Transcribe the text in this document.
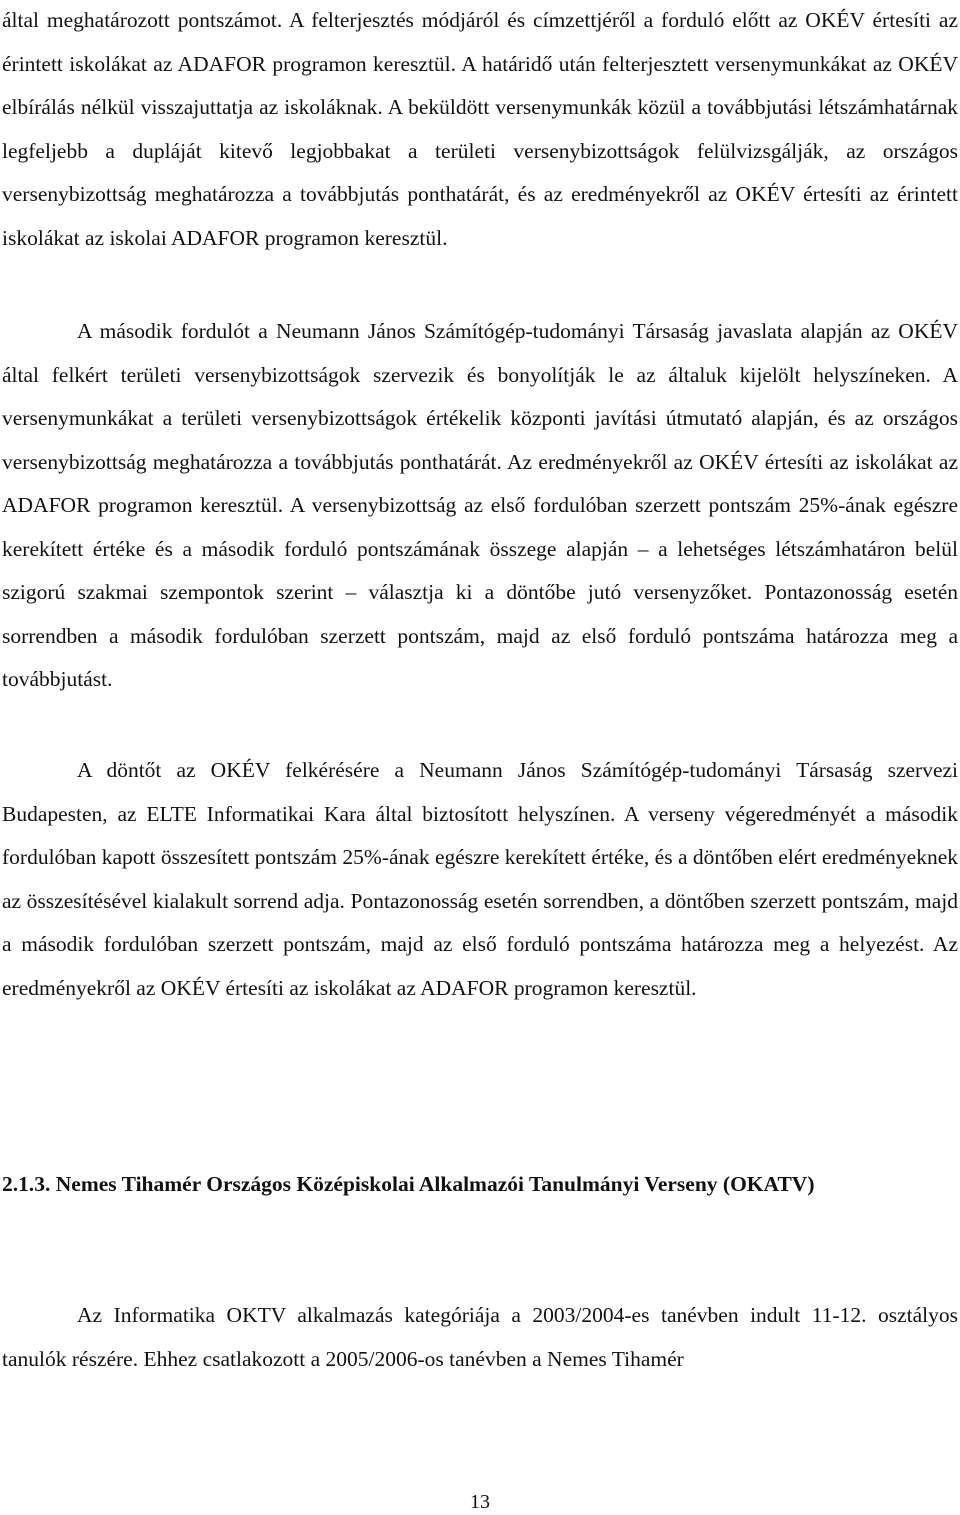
által meghatározott pontszámot. A felterjesztés módjáról és címzettjéről a forduló előtt az OKÉV értesíti az érintett iskolákat az ADAFOR programon keresztül. A határidő után felterjesztett versenymunkákat az OKÉV elbírálás nélkül visszajuttatja az iskoláknak. A beküldött versenymunkák közül a továbbjutási létszámhatárnak legfeljebb a dupláját kitevő legjobbakat a területi versenybizottságok felülvizsgálják, az országos versenybizottság meghatározza a továbbjutás ponthatárát, és az eredményekről az OKÉV értesíti az érintett iskolákat az iskolai ADAFOR programon keresztül.

A második fordulót a Neumann János Számítógép-tudományi Társaság javaslata alapján az OKÉV által felkért területi versenybizottságok szervezik és bonyolítják le az általuk kijelölt helyszíneken. A versenymunkákat a területi versenybizottságok értékelik központi javítási útmutató alapján, és az országos versenybizottság meghatározza a továbbjutás ponthatárát. Az eredményekről az OKÉV értesíti az iskolákat az ADAFOR programon keresztül. A versenybizottság az első fordulóban szerzett pontszám 25%-ának egészre kerekített értéke és a második forduló pontszámának összege alapján – a lehetséges létszámhatáron belül szigorú szakmai szempontok szerint – választja ki a döntőbe jutó versenyzőket. Pontazonosság esetén sorrendben a második fordulóban szerzett pontszám, majd az első forduló pontszáma határozza meg a továbbjutást.

A döntőt az OKÉV felkérésére a Neumann János Számítógép-tudományi Társaság szervezi Budapesten, az ELTE Informatikai Kara által biztosított helyszínen. A verseny végeredményét a második fordulóban kapott összesített pontszám 25%-ának egészre kerekített értéke, és a döntőben elért eredményeknek az összesítésével kialakult sorrend adja. Pontazonosság esetén sorrendben, a döntőben szerzett pontszám, majd a második fordulóban szerzett pontszám, majd az első forduló pontszáma határozza meg a helyezést. Az eredményekről az OKÉV értesíti az iskolákat az ADAFOR programon keresztül.

2.1.3. Nemes Tihamér Országos Középiskolai Alkalmazói Tanulmányi Verseny (OKATV)

Az Informatika OKTV alkalmazás kategóriája a 2003/2004-es tanévben indult 11-12. osztályos tanulók részére. Ehhez csatlakozott a 2005/2006-os tanévben a Nemes Tihamér

13
